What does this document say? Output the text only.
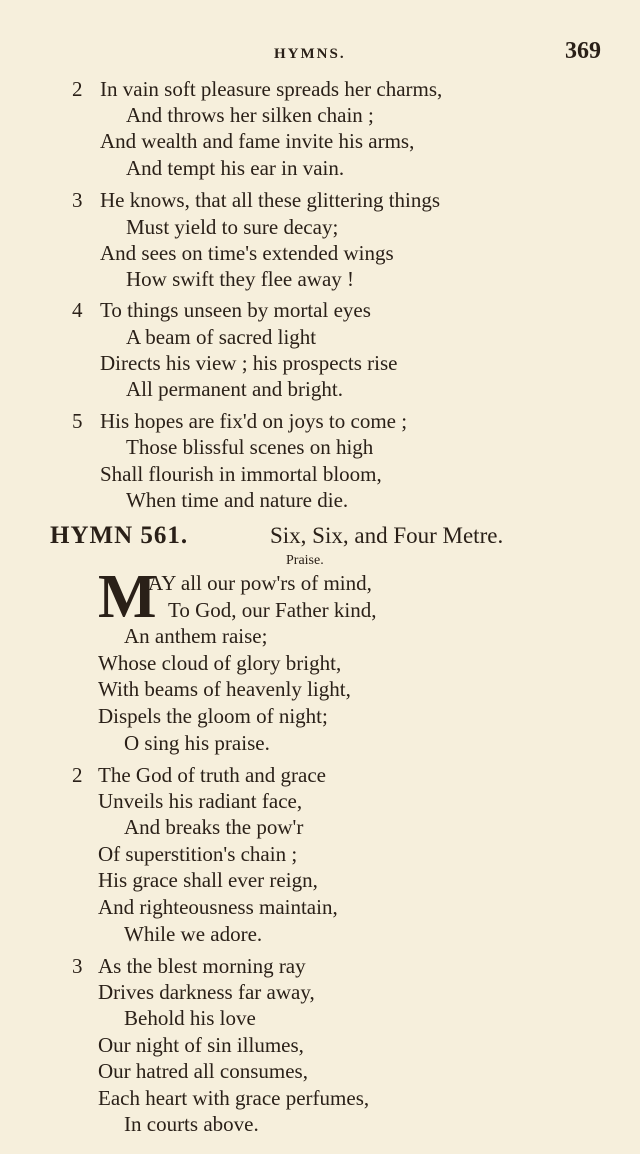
HYMNS.	369
2 In vain soft pleasure spreads her charms,
And throws her silken chain ;
And wealth and fame invite his arms,
And tempt his ear in vain.
3 He knows, that all these glittering things
Must yield to sure decay;
And sees on time's extended wings
How swift they flee away !
4 To things unseen by mortal eyes
A beam of sacred light
Directs his view ; his prospects rise
All permanent and bright.
5 His hopes are fix'd on joys to come ;
Those blissful scenes on high
Shall flourish in immortal bloom,
When time and nature die.
HYMN 561.	Six, Six, and Four Metre.
Praise.
M
AY all our pow'rs of mind,
To God, our Father kind,
An anthem raise;
Whose cloud of glory bright,
With beams of heavenly light,
Dispels the gloom of night;
O sing his praise.
2 The God of truth and grace
Unveils his radiant face,
And breaks the pow'r
Of superstition's chain ;
His grace shall ever reign,
And righteousness maintain,
While we adore.
3 As the blest morning ray
Drives darkness far away,
Behold his love
Our night of sin illumes,
Our hatred all consumes,
Each heart with grace perfumes,
In courts above.
